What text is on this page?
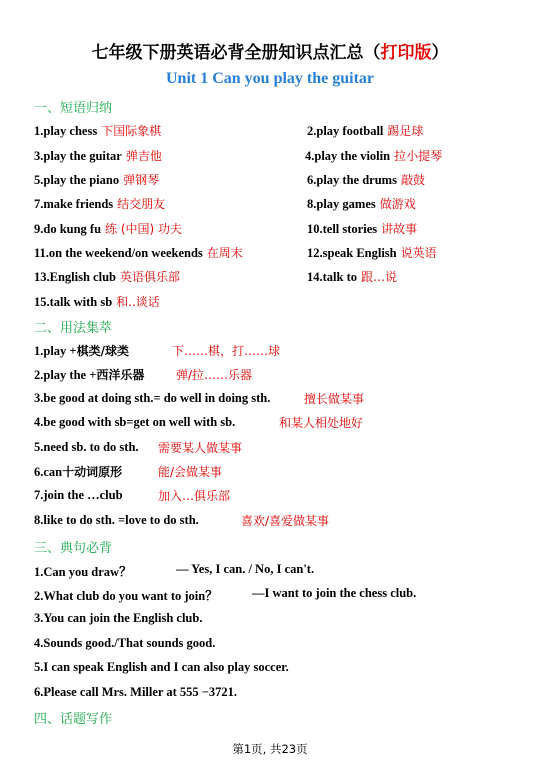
七年级下册英语必背全册知识点汇总（打印版）
Unit 1 Can you play the guitar
一、短语归纳
1.play chess 下国际象棋	2.play football 踢足球
3.play the guitar 弹吉他	4.play the violin 拉小提琴
5.play the piano 弹钢琴	6.play the drums 敲鼓
7.make friends 结交朋友	8.play games 做游戏
9.do kung fu 练 (中国) 功夫	10.tell stories 讲故事
11.on the weekend/on weekends 在周末	12.speak English 说英语
13.English club 英语俱乐部	14.talk to 跟…说
15.talk with sb 和..谈话
二、用法集萃
1.play +棋类/球类	下……棋，打……球
2.play the +西洋乐器	弹/拉……乐器
3.be good at doing sth.= do well in doing sth.	擅长做某事
4.be good with sb=get on well with sb.	和某人相处地好
5.need sb. to do sth. 需要某人做某事
6.can十动词原形	能/会做某事
7.join the …club	加入…俱乐部
8.like to do sth. =love to do sth.	喜欢/喜爱做某事
三、典句必背
1.Can you draw？	— Yes, I can. / No, I can't.
2.What club do you want to join？	—I want to join the chess club.
3.You can join the English club.
4.Sounds good./That sounds good.
5.I can speak English and I can also play soccer.
6.Please call Mrs. Miller at 555 −3721.
四、话题写作
第1页, 共23页
